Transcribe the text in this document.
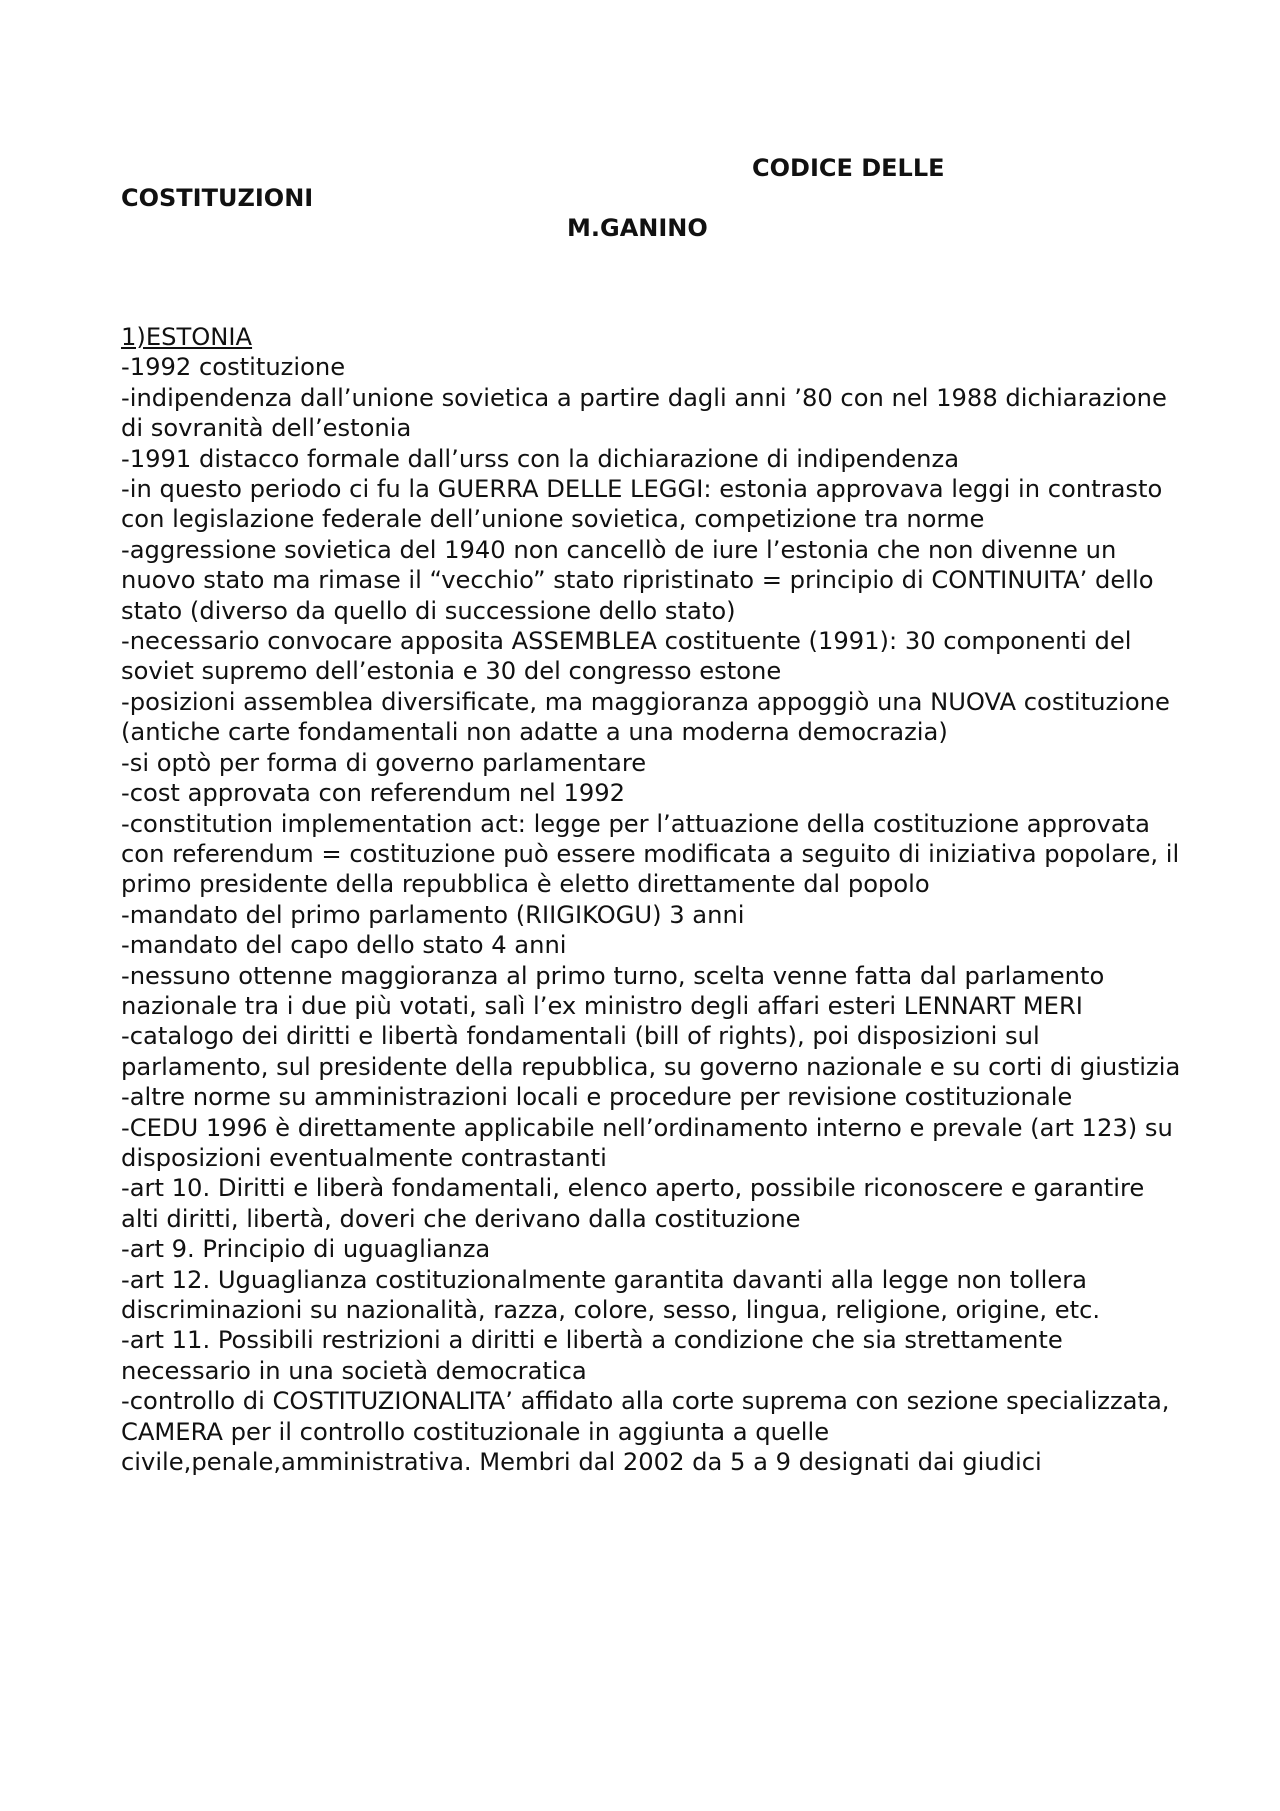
CODICE DELLE

COSTITUZIONI

M.GANINO

1)ESTONIA

-1992 costituzione

-indipendenza dall’unione sovietica a partire dagli anni ’80 con nel 1988 dichiarazione di sovranità dell’estonia

-1991 distacco formale dall’urss con la dichiarazione di indipendenza

-in questo periodo ci fu la GUERRA DELLE LEGGI: estonia approvava leggi in contrasto con legislazione federale dell’unione sovietica, competizione tra norme

-aggressione sovietica del 1940 non cancellò de iure l’estonia che non divenne un nuovo stato ma rimase il “vecchio” stato ripristinato = principio di CONTINUITA’ dello stato (diverso da quello di successione dello stato)

-necessario convocare apposita ASSEMBLEA costituente (1991): 30 componenti del soviet supremo dell’estonia e 30 del congresso estone

-posizioni assemblea diversificate, ma maggioranza appoggiò una NUOVA costituzione (antiche carte fondamentali non adatte a una moderna democrazia)

-si optò per forma di governo parlamentare

-cost approvata con referendum nel 1992

-constitution implementation act: legge per l’attuazione della costituzione approvata con referendum = costituzione può essere modificata a seguito di iniziativa popolare, il primo presidente della repubblica è eletto direttamente dal popolo

-mandato del primo parlamento (RIIGIKOGU) 3 anni

-mandato del capo dello stato 4 anni

-nessuno ottenne maggioranza al primo turno, scelta venne fatta dal parlamento nazionale tra i due più votati, salì l’ex ministro degli affari esteri LENNART MERI

-catalogo dei diritti e libertà fondamentali (bill of rights), poi disposizioni sul parlamento, sul presidente della repubblica, su governo nazionale e su corti di giustizia

-altre norme su amministrazioni locali e procedure per revisione costituzionale

-CEDU 1996 è direttamente applicabile nell’ordinamento interno e prevale (art 123) su disposizioni eventualmente contrastanti

-art 10. Diritti e liberà fondamentali, elenco aperto, possibile riconoscere e garantire alti diritti, libertà, doveri che derivano dalla costituzione

-art 9. Principio di uguaglianza

-art 12. Uguaglianza costituzionalmente garantita davanti alla legge non tollera discriminazioni su nazionalità, razza, colore, sesso, lingua, religione, origine, etc.

-art 11. Possibili restrizioni a diritti e libertà a condizione che sia strettamente necessario in una società democratica

-controllo di COSTITUZIONALITA’ affidato alla corte suprema con sezione specializzata, CAMERA per il controllo costituzionale in aggiunta a quelle civile,penale,amministrativa. Membri dal 2002 da 5 a 9 designati dai giudici
